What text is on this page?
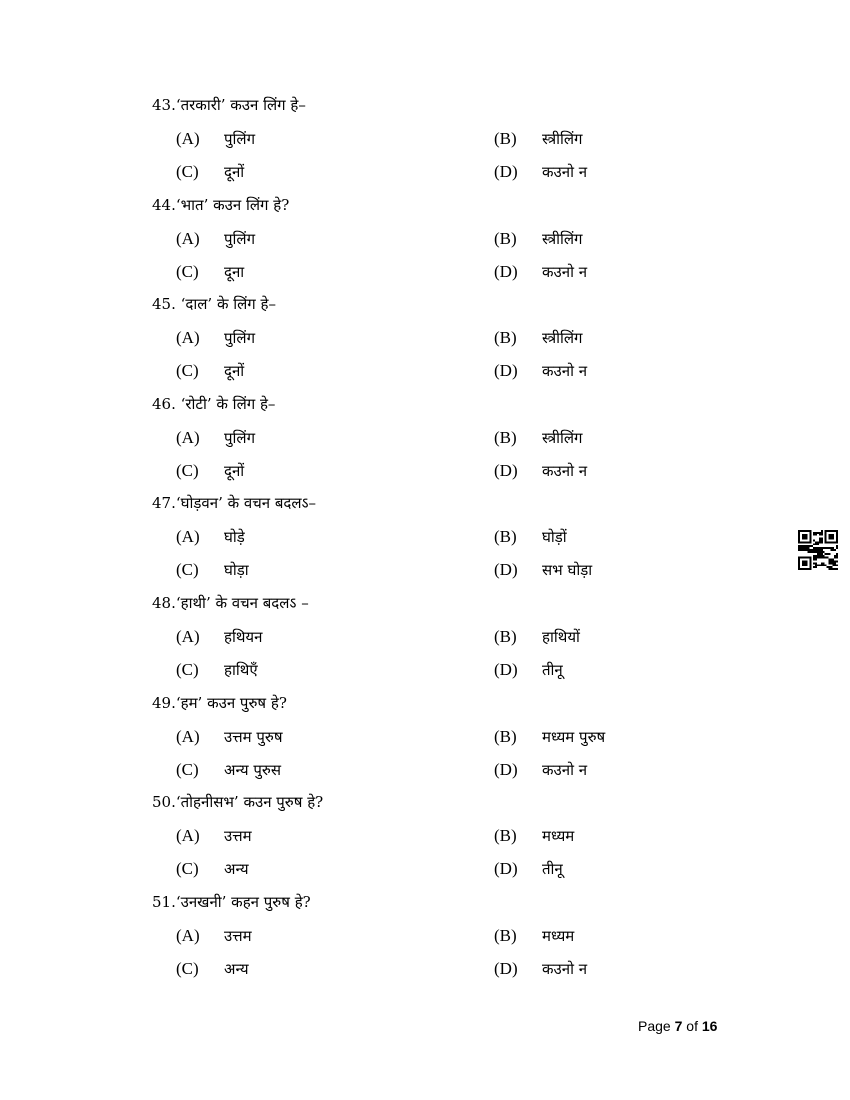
43.‘तरकारी’ कउन लिंग हे–
(A) पुलिंग	(B) स्त्रीलिंग
(C) दूनों	(D) कउनो न
44.‘भात’ कउन लिंग हे?
(A) पुलिंग	(B) स्त्रीलिंग
(C) दूना	(D) कउनो न
45. ‘दाल’ के लिंग हे–
(A) पुलिंग	(B) स्त्रीलिंग
(C) दूनों	(D) कउनो न
46. ‘रोटी’ के लिंग हे–
(A) पुलिंग	(B) स्त्रीलिंग
(C) दूनों	(D) कउनो न
47.‘घोड़वन’ के वचन बदलऽ–
(A) घोड़े	(B) घोड़ों
(C) घोड़ा	(D) सभ घोड़ा
48.‘हाथी’ के वचन बदलऽ –
(A) हथियन	(B) हाथियों
(C) हाथिएँ	(D) तीनू
49.‘हम’ कउन पुरुष हे?
(A) उत्तम पुरुष	(B) मध्यम पुरुष
(C) अन्य पुरुस	(D) कउनो न
50.‘तोहनीसभ’ कउन पुरुष हे?
(A) उत्तम	(B) मध्यम
(C) अन्य	(D) तीनू
51.‘उनखनी’ कहन पुरुष हे?
(A) उत्तम	(B) मध्यम
(C) अन्य	(D) कउनो न
Page 7 of 16
